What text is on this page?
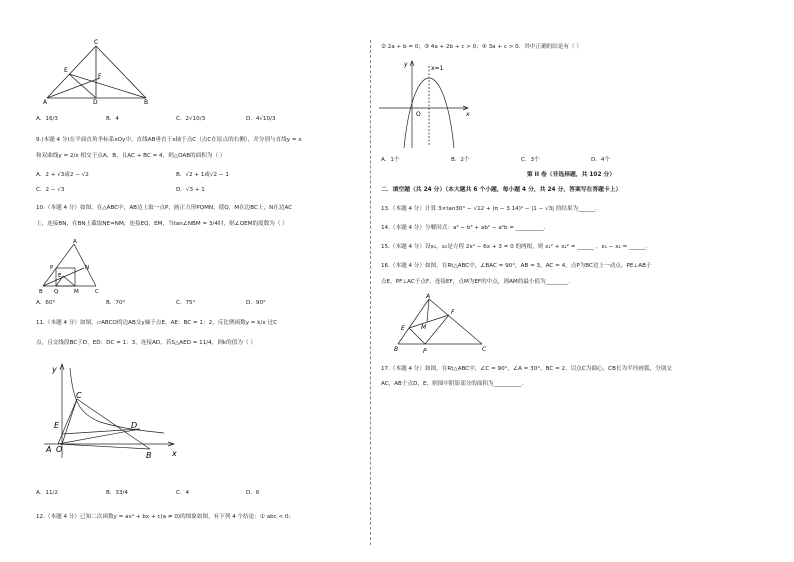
C
E
F
A	D	B
A．16/3	B．4	C．2√10/3	D．4√10/3
9.(本题 4 分)在平面直角坐标系xOy中，直线AB垂直于x轴于点C（点C在原点的右侧），并分别与直线y = x
和双曲线y = 2/x 相交于点A，B，且AC + BC = 4，则△OAB的面积为（ ）
A．2 + √3或2 − √2	B．√2 + 1或√2 − 1
C．2 − √3	D．√3 + 1
10.（本题 4 分）如图，在△ABC中，AB边上取一点P，画正方形PQMN，使Q，M在边BC上，N在边AC
上，连接BN，在BN上截取NE=NM，连接EQ，EM，当tan∠NBM = 3/4时，则∠QEM的度数为（ ）
A
P	N
E
B Q	M	C
A．60°	B．70°	C．75°	D．90°
11.（本题 4 分）如图，▱ABCO的边AB交y轴于点E，AE：BC = 1：2，反比例函数y = k/x 过C
点，且交线段BC于D，ED：DC = 1：3，连接AD，若S△AED = 11/4，则k的值为（ ）
y
x
C
D
E
A O
B
A．11/2	B．33/4	C．4	D．6
12.（本题 4 分）已知二次函数y = ax² + bx + c(a ≠ 0)的图象如图，有下列 4 个结论：① abc < 0；
② 2a + b = 0；③ 4a + 2b + c > 0；④ 3a + c > 0．其中正确的结论有（ ）
y
x
O
x=1
A．1个	B．2个	C．3个	D．4个
第 II 卷（非选择题，共 102 分）
二．填空题（共 24 分）（本大题共 6 个小题，每小题 4 分，共 24 分，答案写在答题卡上）
13.（本题 4 分）计算 3×tan30° − √12 + (π − 3.14)⁰ − |1 − √3| 的结果为______．
14.（本题 4 分）分解因式：a³ − b³ + ab² − a²b = __________．
15.（本题 4 分）设x₁，x₂是方程 2x² − 6x + 3 = 0 的两根，则 x₁² + x₂² = ______ ，x₁ − x₂ = ______．
16.（本题 4 分）如图，在Rt△ABC中，∠BAC = 90°，AB = 3，AC = 4，点P为BC边上一动点，PE⊥AB于
点E，PF⊥AC于点F，连接EF，点M为EF的中点，则AM的最小值为________．
A
F
E	M
B	P	C
17.（本题 4 分）如图，在Rt△ABC中，∠C = 90°，∠A = 30°，BC = 2，以点C为圆心，CB长为半径画弧，分别交
AC，AB于点D，E，则图中阴影部分的面积为__________．
